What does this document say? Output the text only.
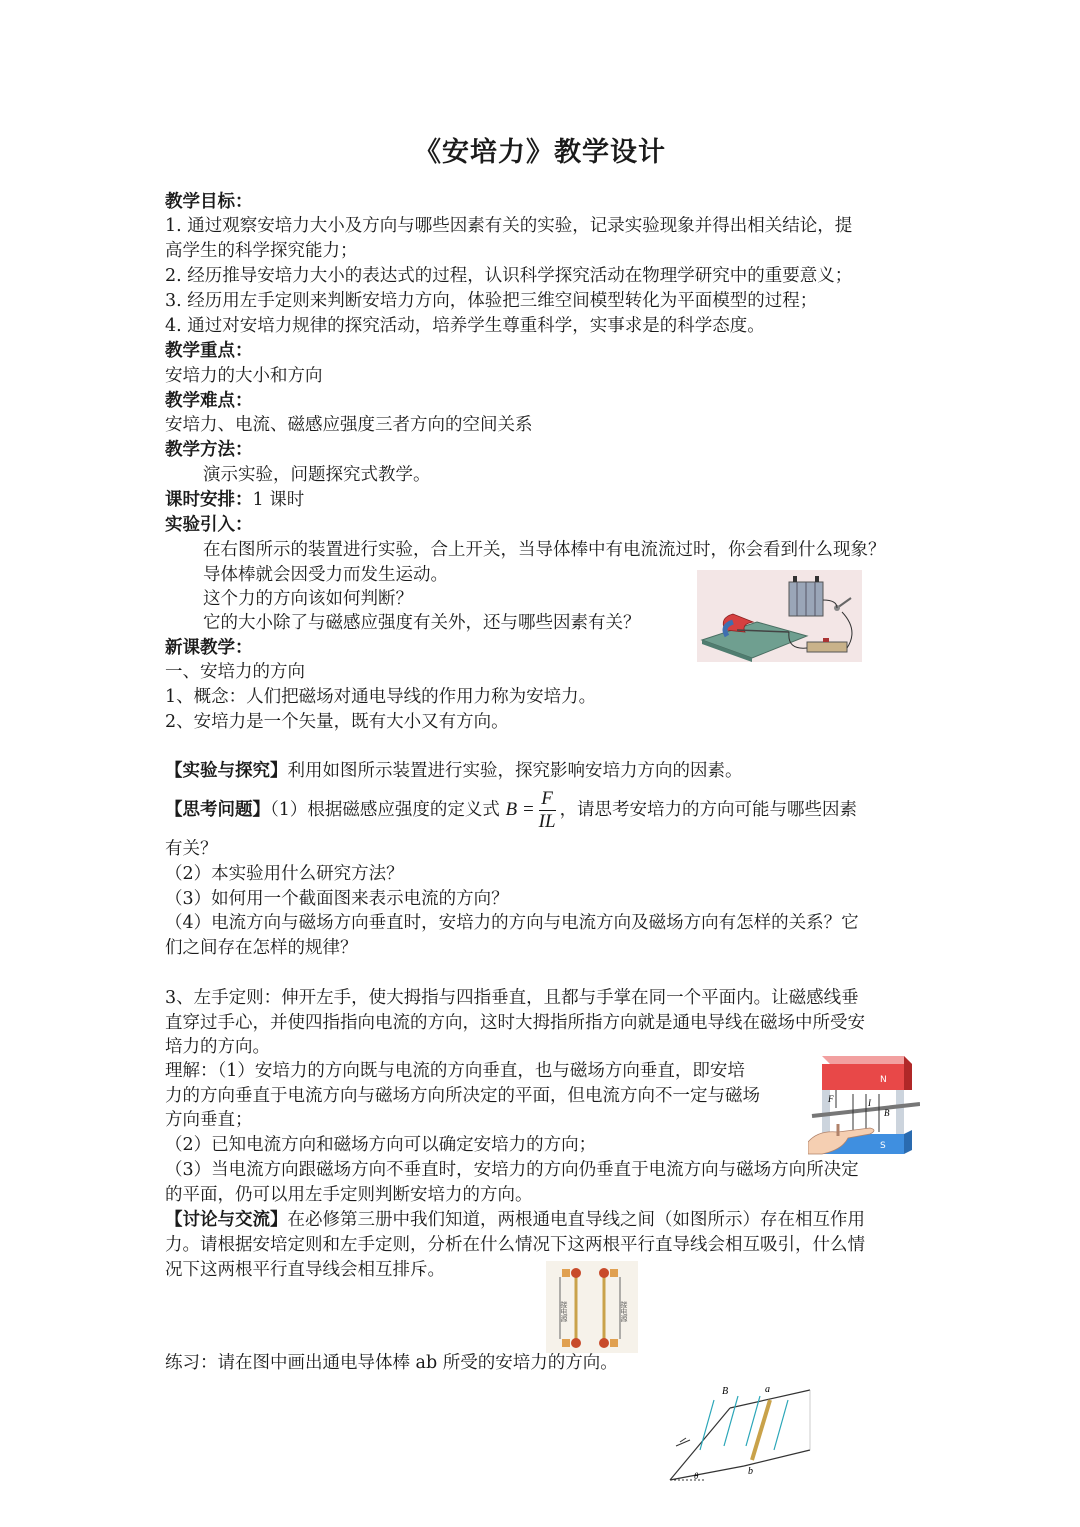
《安培力》教学设计
教学目标：
1. 通过观察安培力大小及方向与哪些因素有关的实验，记录实验现象并得出相关结论，提
高学生的科学探究能力；
2. 经历推导安培力大小的表达式的过程，认识科学探究活动在物理学研究中的重要意义；
3. 经历用左手定则来判断安培力方向，体验把三维空间模型转化为平面模型的过程；
4. 通过对安培力规律的探究活动，培养学生尊重科学，实事求是的科学态度。
教学重点：
安培力的大小和方向
教学难点：
安培力、电流、磁感应强度三者方向的空间关系
教学方法：
演示实验，问题探究式教学。
课时安排：1 课时
实验引入：
在右图所示的装置进行实验，合上开关，当导体棒中有电流流过时，你会看到什么现象？
导体棒就会因受力而发生运动。
这个力的方向该如何判断？
它的大小除了与磁感应强度有关外，还与哪些因素有关？
新课教学：
一、安培力的方向
1、概念：人们把磁场对通电导线的作用力称为安培力。
2、安培力是一个矢量，既有大小又有方向。
【实验与探究】利用如图所示装置进行实验，探究影响安培力方向的因素。
【思考问题】（1）根据磁感应强度的定义式 $B = \frac{F}{IL}$ ，请思考安培力的方向可能与哪些因素
有关？
（2）本实验用什么研究方法？
（3）如何用一个截面图来表示电流的方向？
（4）电流方向与磁场方向垂直时，安培力的方向与电流方向及磁场方向有怎样的关系？它
们之间存在怎样的规律？
3、左手定则：伸开左手，使大拇指与四指垂直，且都与手掌在同一个平面内。让磁感线垂
直穿过手心，并使四指指向电流的方向，这时大拇指所指方向就是通电导线在磁场中所受安
培力的方向。
理解：（1）安培力的方向既与电流的方向垂直，也与磁场方向垂直，即安培
力的方向垂直于电流方向与磁场方向所决定的平面，但电流方向不一定与磁场
方向垂直；
（2）已知电流方向和磁场方向可以确定安培力的方向；
（3）当电流方向跟磁场方向不垂直时，安培力的方向仍垂直于电流方向与磁场方向所决定
的平面，仍可以用左手定则判断安培力的方向。
N
S
F
B
I
【讨论与交流】在必修第三册中我们知道，两根通电直导线之间（如图所示）存在相互作用
力。请根据安培定则和左手定则，分析在什么情况下这两根平行直导线会相互吸引，什么情
况下这两根平行直导线会相互排斥。
接电源	接电源
练习：请在图中画出通电导体棒 ab 所受的安培力的方向。
θ
B	a
b
